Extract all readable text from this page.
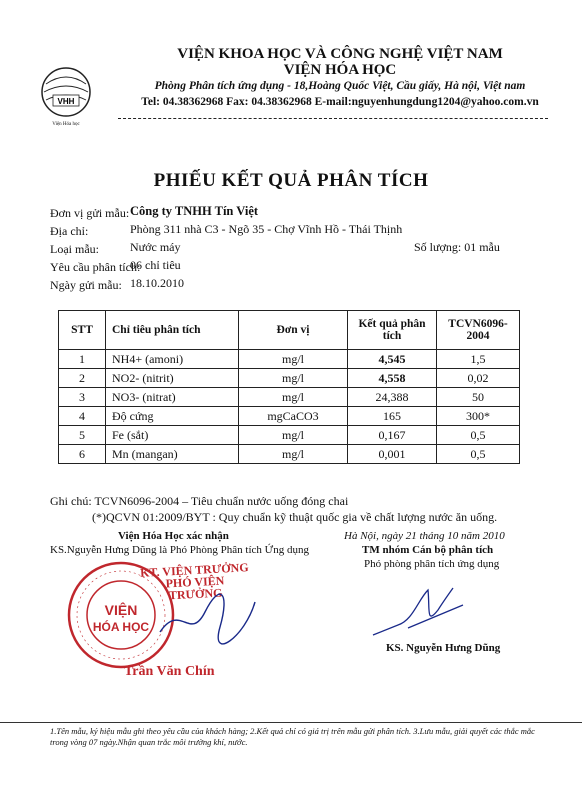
VHH
Viện Hóa học
VIỆN KHOA HỌC VÀ CÔNG NGHỆ VIỆT NAM
VIỆN HÓA HỌC
Phòng Phân tích ứng dụng - 18,Hoàng Quốc Việt, Cầu giấy, Hà nội, Việt nam
Tel: 04.38362968 Fax: 04.38362968 E-mail:nguyenhungdung1204@yahoo.com.vn
PHIẾU KẾT QUẢ PHÂN TÍCH
Đơn vị gửi mẫu: Công ty TNHH Tín Việt
Địa chỉ:	Phòng 311 nhà C3 - Ngõ 35 - Chợ Vĩnh Hồ - Thái Thịnh
Loại mẫu:	Nước máy	Số lượng: 01 mẫu
Yêu cầu phân tích:
06 chỉ tiêu
Ngày gửi mẫu: 18.10.2010
STT	Chỉ tiêu phân tích	Đơn vị	Kết quả phân tích	TCVN6096-2004
1	NH4+ (amoni)	mg/l	4,545	1,5
2	NO2- (nitrit)	mg/l	4,558	0,02
3	NO3- (nitrat)	mg/l	24,388	50
4	Độ cứng	mgCaCO3	165	300*
5	Fe (sắt)	mg/l	0,167	0,5
6	Mn (mangan)	mg/l	0,001	0,5
Ghi chú: TCVN6096-2004 – Tiêu chuẩn nước uống đóng chai
(*)QCVN 01:2009/BYT : Quy chuẩn kỹ thuật quốc gia về chất lượng nước ăn uống.
Viện Hóa Học xác nhận
KS.Nguyễn Hưng Dũng là Phó Phòng Phân tích Ứng dụng
Hà Nội, ngày 21 tháng 10 năm 2010
TM nhóm Cán bộ phân tích
Phó phòng phân tích ứng dụng
VIỆN
HÓA HỌC
KT. VIỆN TRƯỞNG PHÓ VIỆN TRƯỞNG
Trần Văn Chín
KS. Nguyễn Hưng Dũng
1.Tên mẫu, ký hiệu mẫu ghi theo yêu cầu của khách hàng; 2.Kết quả chỉ có giá trị trên mẫu gửi phân tích. 3.Lưu mẫu, giải quyết các thắc mắc trong vòng 07 ngày.Nhận quan trắc môi trường khí, nước.
